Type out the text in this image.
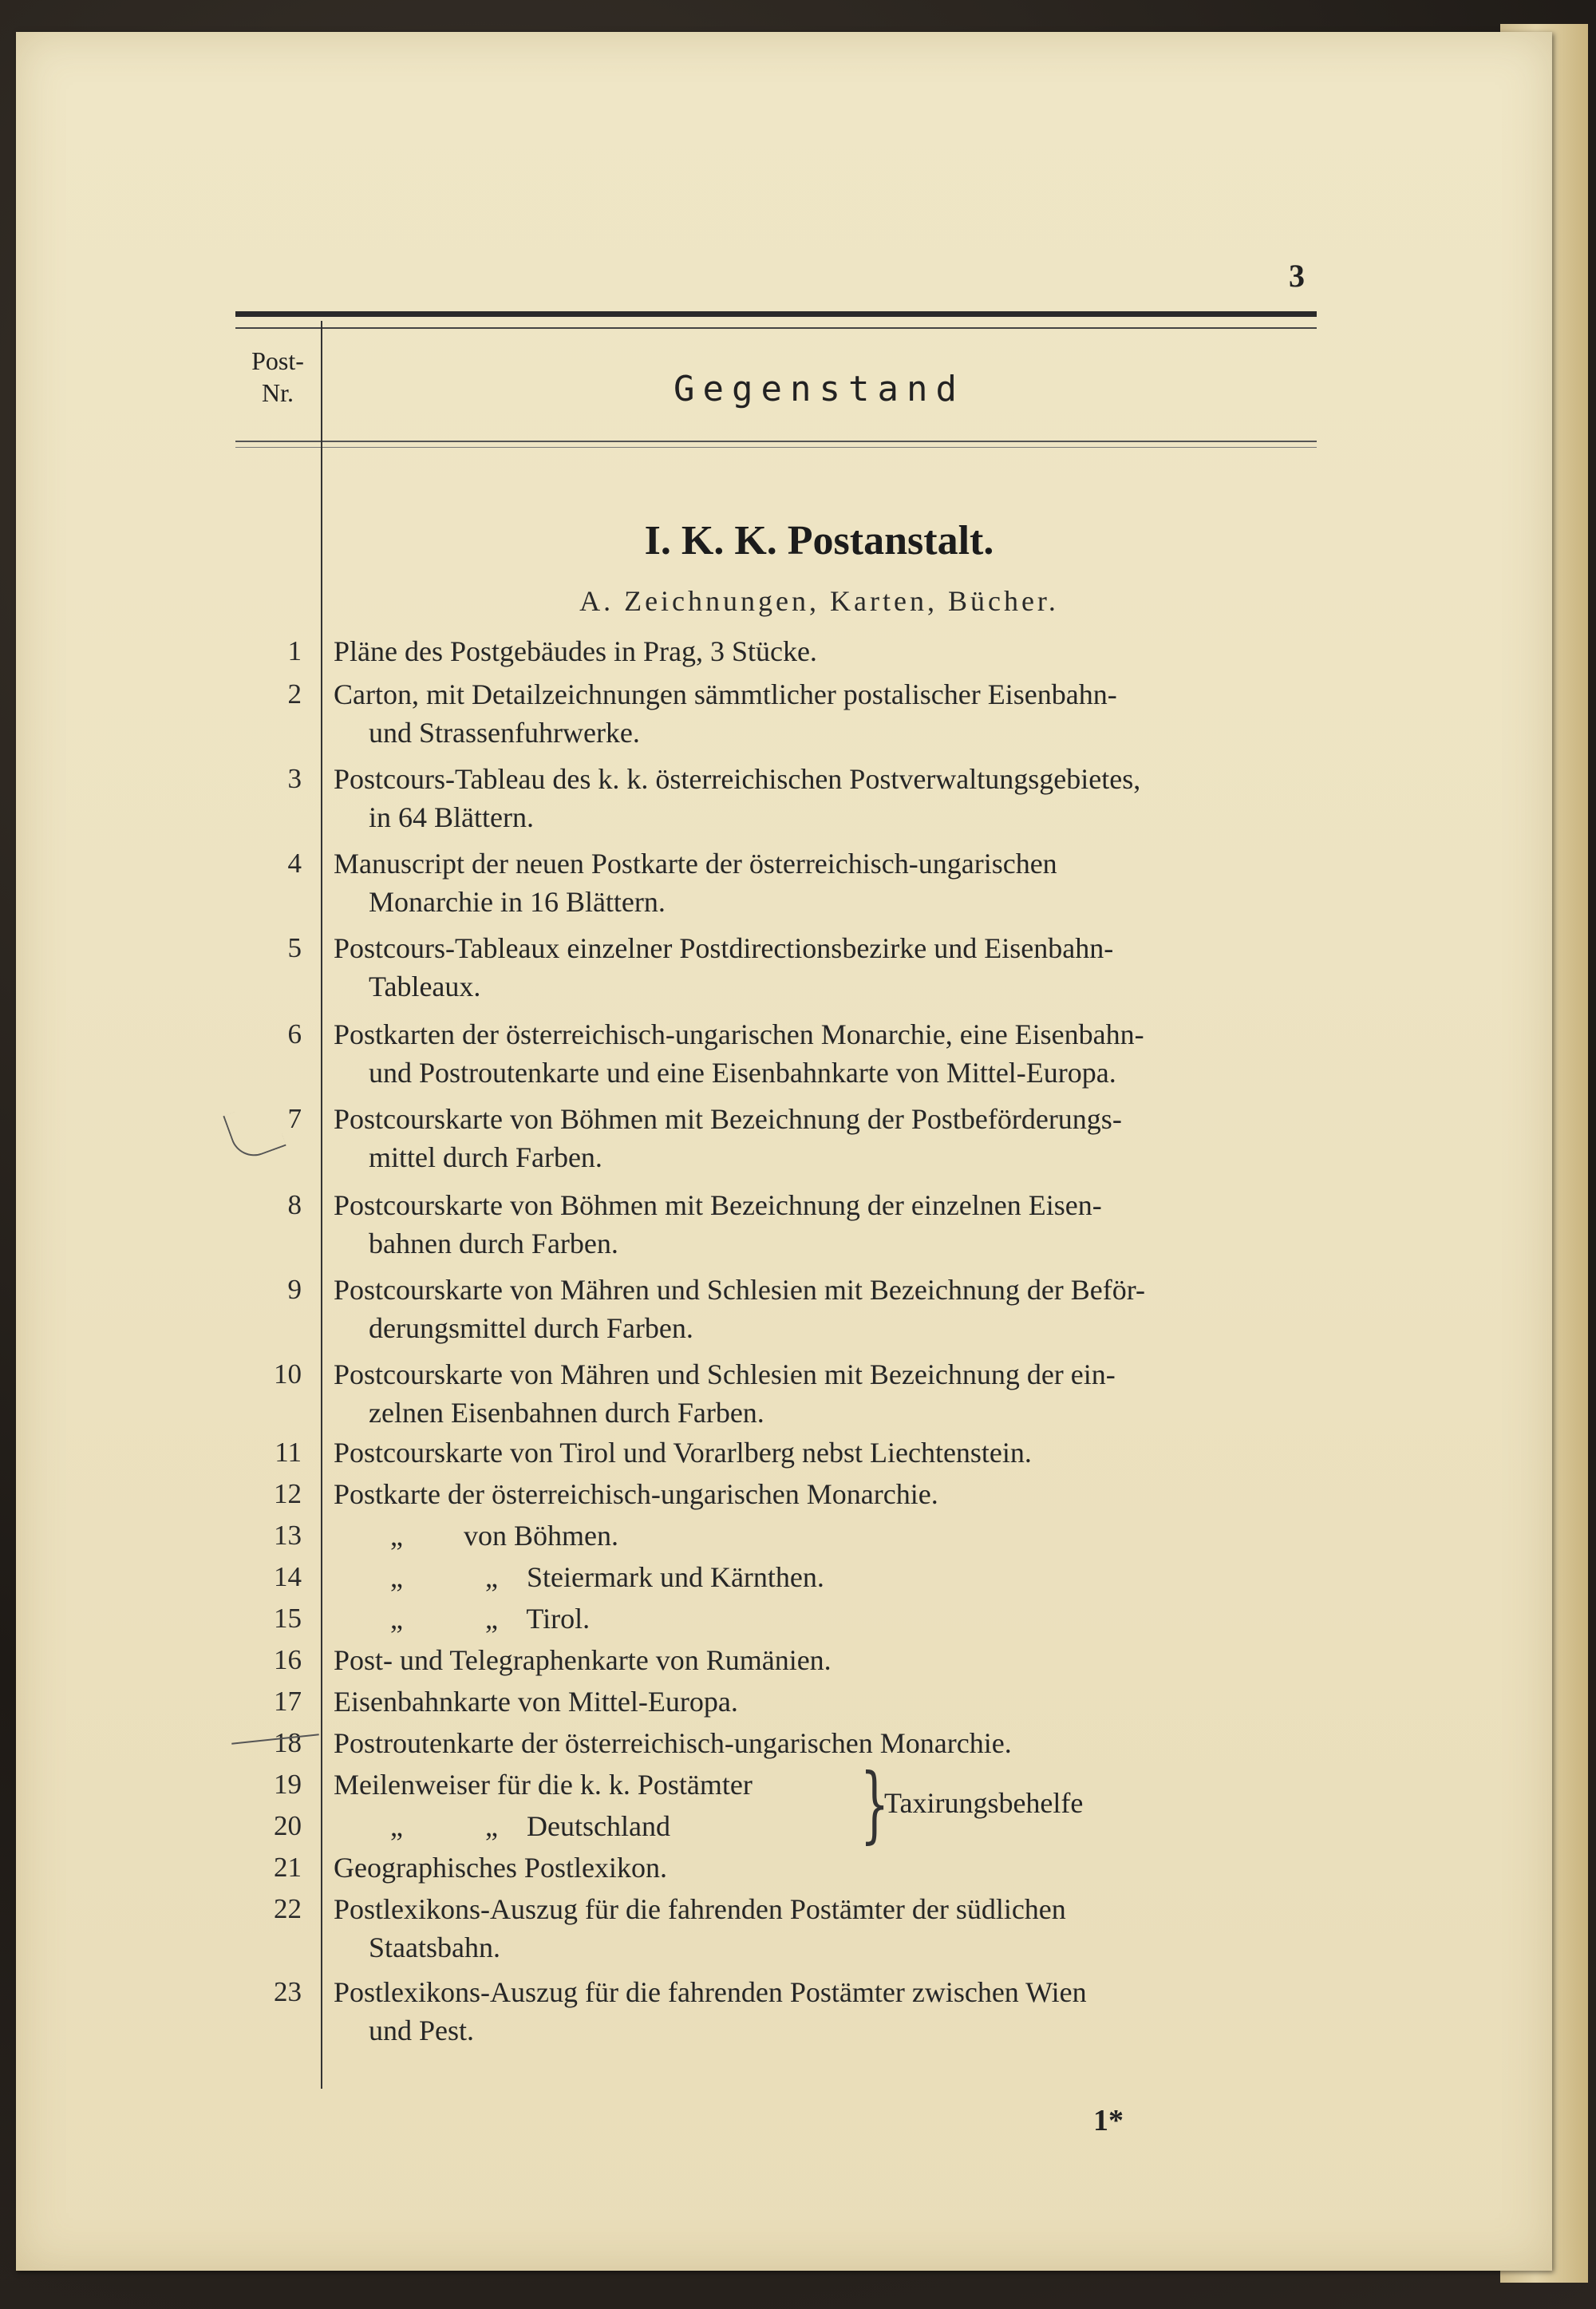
3
Post-
Nr.	Gegenstand
I. K. K. Postanstalt.
A. Zeichnungen, Karten, Bücher.
1 Pläne des Postgebäudes in Prag, 3 Stücke.
2 Carton, mit Detailzeichnungen sämmtlicher postalischer Eisenbahn-
und Strassenfuhrwerke.
3 Postcours-Tableau des k. k. österreichischen Postverwaltungsgebietes,
in 64 Blättern.
4 Manuscript der neuen Postkarte der österreichisch-ungarischen
Monarchie in 16 Blättern.
5 Postcours-Tableaux einzelner Postdirectionsbezirke und Eisenbahn-
Tableaux.
6 Postkarten der österreichisch-ungarischen Monarchie, eine Eisenbahn-
und Postroutenkarte und eine Eisenbahnkarte von Mittel-Europa.
7 Postcourskarte von Böhmen mit Bezeichnung der Postbeförderungs-
mittel durch Farben.
8 Postcourskarte von Böhmen mit Bezeichnung der einzelnen Eisen-
bahnen durch Farben.
9 Postcourskarte von Mähren und Schlesien mit Bezeichnung der Beför-
derungsmittel durch Farben.
10 Postcourskarte von Mähren und Schlesien mit Bezeichnung der ein-
zelnen Eisenbahnen durch Farben.
11 Postcourskarte von Tirol und Vorarlberg nebst Liechtenstein.
12 Postkarte der österreichisch-ungarischen Monarchie.
13	„ von Böhmen.
14	„	„ Steiermark und Kärnthen.
15	„	„ Tirol.
16 Post- und Telegraphenkarte von Rumänien.
17 Eisenbahnkarte von Mittel-Europa.
18 Postroutenkarte der österreichisch-ungarischen Monarchie.
19 Meilenweiser für die k. k. Postämter
20	„	„ Deutschland	}
Taxirungsbehelfe
21 Geographisches Postlexikon.
22 Postlexikons-Auszug für die fahrenden Postämter der südlichen
Staatsbahn.
23 Postlexikons-Auszug für die fahrenden Postämter zwischen Wien
und Pest.
1*
